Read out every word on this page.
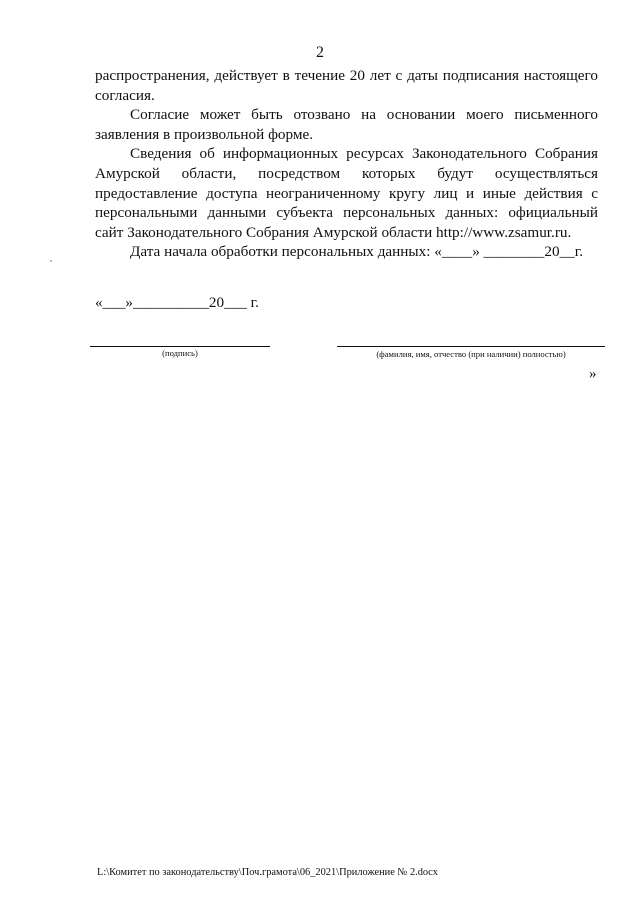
2

распространения, действует в течение 20 лет с даты подписания настоящего согласия.

Согласие может быть отозвано на основании моего письменного заявления в произвольной форме.

Сведения об информационных ресурсах Законодательного Собрания Амурской области, посредством которых будут осуществляться предоставление доступа неограниченному кругу лиц и иные действия с персональными данными субъекта персональных данных: официальный сайт Законодательного Собрания Амурской области http://www.zsamur.ru.

Дата начала обработки персональных данных: «____» ________20__г.

«___»__________20___ г.
(подпись)	(фамилия, имя, отчество (при наличии) полностью)
»
L:\Комитет по законодательству\Поч.грамота\06_2021\Приложение № 2.docx
